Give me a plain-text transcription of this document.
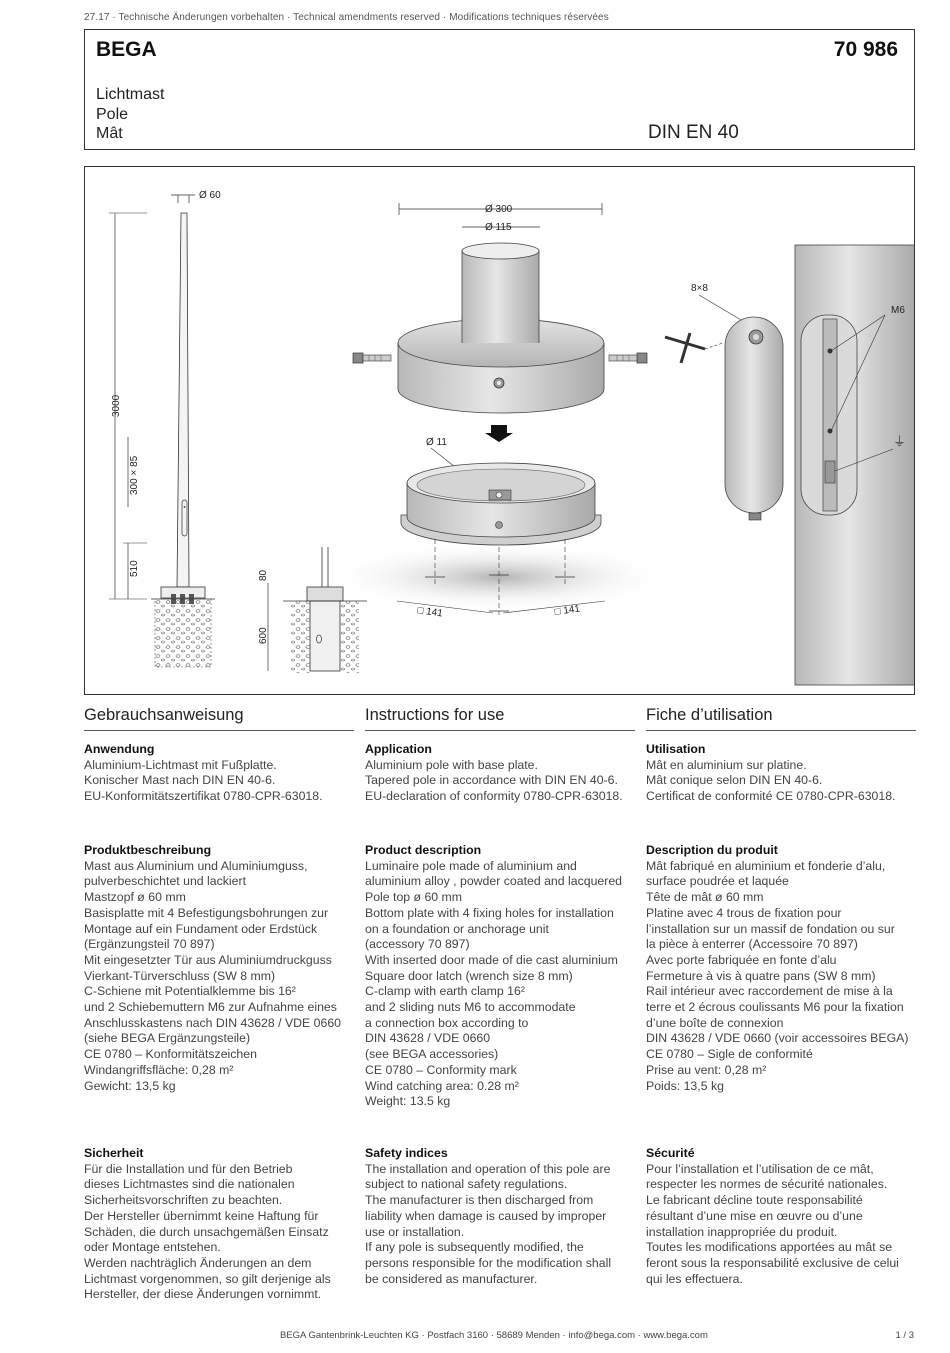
27.17 · Technische Änderungen vorbehalten · Technical amendments reserved · Modifications techniques réservées
BEGA	70 986
Lichtmast
Pole
Mât	DIN EN 40
Ø 60
3000
300 × 85
510	80
600
Ø 300
Ø 115
Ø 11
□ 141	□ 141
8×8
M6
⏚
Gebrauchsanweisung
Anwendung
Aluminium-Lichtmast mit Fußplatte.
Konischer Mast nach DIN EN 40-6.
EU-Konformitätszertifikat 0780-CPR-63018.
Produktbeschreibung
Mast aus Aluminium und Aluminiumguss,
pulverbeschichtet und lackiert
Mastzopf ø 60 mm
Basisplatte mit 4 Befestigungsbohrungen zur
Montage auf ein Fundament oder Erdstück
(Ergänzungsteil 70 897)
Mit eingesetzter Tür aus Aluminiumdruckguss
Vierkant-Türverschluss (SW 8 mm)
C-Schiene mit Potentialklemme bis 16²
und 2 Schiebemuttern M6 zur Aufnahme eines
Anschlusskastens nach DIN 43628 / VDE 0660
(siehe BEGA Ergänzungsteile)
CE 0780 – Konformitätszeichen
Windangriffsfläche: 0,28 m²
Gewicht: 13,5 kg
Sicherheit
Für die Installation und für den Betrieb
dieses Lichtmastes sind die nationalen
Sicherheitsvorschriften zu beachten.
Der Hersteller übernimmt keine Haftung für
Schäden, die durch unsachgemäßen Einsatz
oder Montage entstehen.
Werden nachträglich Änderungen an dem
Lichtmast vorgenommen, so gilt derjenige als
Hersteller, der diese Änderungen vornimmt.
Instructions for use
Application
Aluminium pole with base plate.
Tapered pole in accordance with DIN EN 40-6.
EU-declaration of conformity 0780-CPR-63018.
Product description
Luminaire pole made of aluminium and
aluminium alloy , powder coated and lacquered
Pole top ø 60 mm
Bottom plate with 4 fixing holes for installation
on a foundation or anchorage unit
(accessory 70 897)
With inserted door made of die cast aluminium
Square door latch (wrench size 8 mm)
C-clamp with earth clamp 16²
and 2 sliding nuts M6 to accommodate
a connection box according to
DIN 43628 / VDE 0660
(see BEGA accessories)
CE 0780 – Conformity mark
Wind catching area: 0.28 m²
Weight: 13.5 kg
Safety indices
The installation and operation of this pole are
subject to national safety regulations.
The manufacturer is then discharged from
liability when damage is caused by improper
use or installation.
If any pole is subsequently modified, the
persons responsible for the modification shall
be considered as manufacturer.
Fiche d’utilisation
Utilisation
Mât en aluminium sur platine.
Mât conique selon DIN EN 40-6.
Certificat de conformité CE 0780-CPR-63018.
Description du produit
Mât fabriqué en aluminium et fonderie d’alu,
surface poudrée et laquée
Tête de mât ø 60 mm
Platine avec 4 trous de fixation pour
l’installation sur un massif de fondation ou sur
la pièce à enterrer (Accessoire 70 897)
Avec porte fabriquée en fonte d’alu
Fermeture à vis à quatre pans (SW 8 mm)
Rail intérieur avec raccordement de mise à la
terre et 2 écrous coulissants M6 pour la fixation
d’une boîte de connexion
DIN 43628 / VDE 0660 (voir accessoires BEGA)
CE 0780 – Sigle de conformité
Prise au vent: 0,28 m²
Poids: 13,5 kg
Sécurité
Pour l’installation et l’utilisation de ce mât,
respecter les normes de sécurité nationales.
Le fabricant décline toute responsabilité
résultant d’une mise en œuvre ou d’une
installation inappropriée du produit.
Toutes les modifications apportées au mât se
feront sous la responsabilité exclusive de celui
qui les effectuera.
BEGA Gantenbrink-Leuchten KG · Postfach 3160 · 58689 Menden · info@bega.com · www.bega.com	1 / 3
